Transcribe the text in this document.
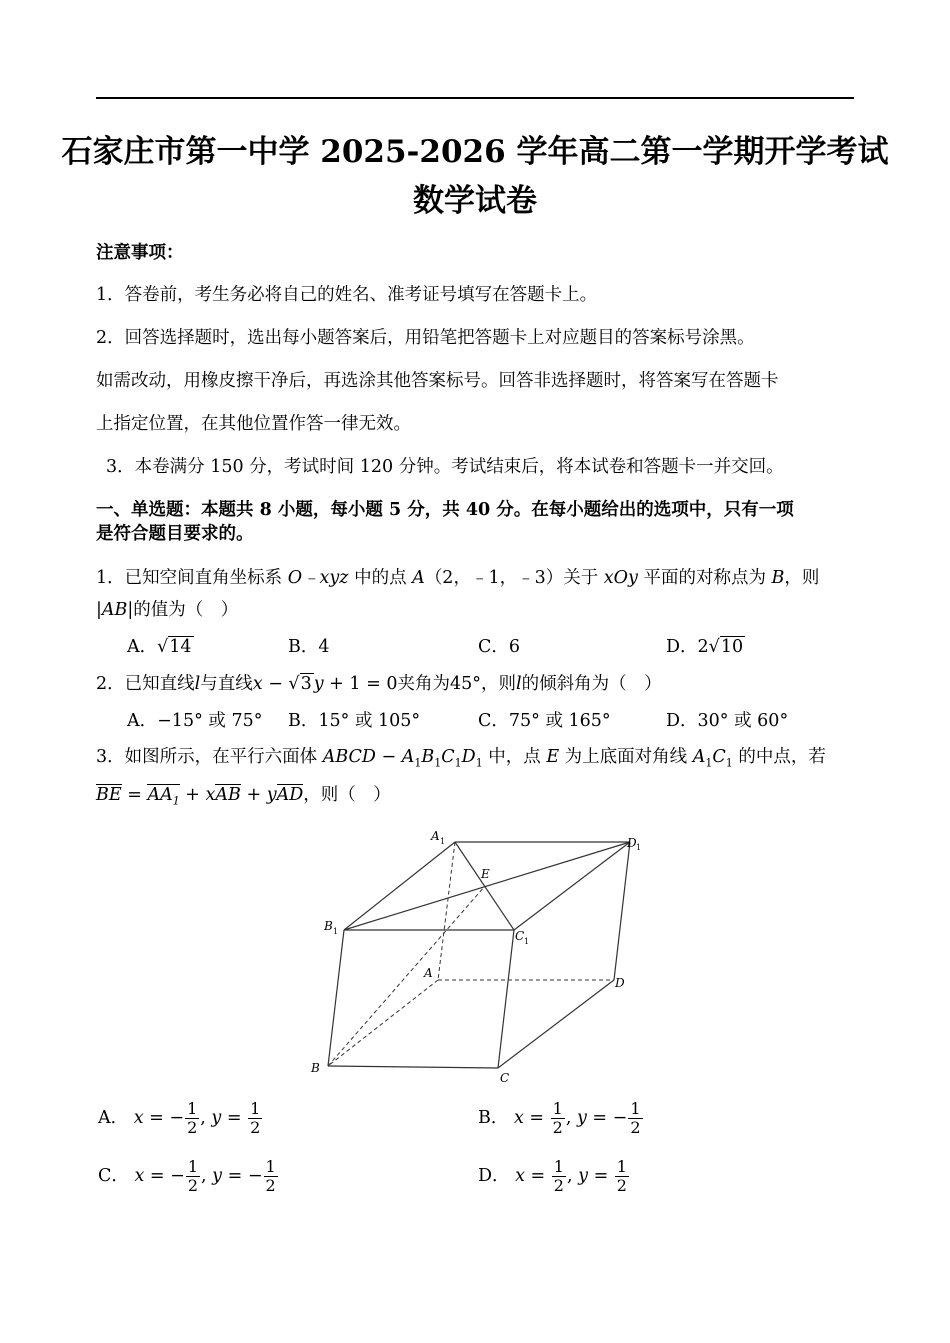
石家庄市第一中学 2025-2026 学年高二第一学期开学考试
数学试卷
注意事项：
1．答卷前，考生务必将自己的姓名、准考证号填写在答题卡上。
2．回答选择题时，选出每小题答案后，用铅笔把答题卡上对应题目的答案标号涂黑。
如需改动，用橡皮擦干净后，再选涂其他答案标号。回答非选择题时，将答案写在答题卡
上指定位置，在其他位置作答一律无效。
3．本卷满分 150 分，考试时间 120 分钟。考试结束后，将本试卷和答题卡一并交回。
一、单选题：本题共 8 小题，每小题 5 分，共 40 分。在每小题给出的选项中，只有一项
是符合题目要求的。
1．已知空间直角坐标系 O﹣xyz 中的点 A（2，﹣1，﹣3）关于 xOy 平面的对称点为 B，则
|AB|的值为（　）
A．√14	B．4	C．6	D．2√10
2．已知直线l与直线x − √3 y + 1 = 0夹角为45°，则l的倾斜角为（　）
A．−15° 或 75° B．15° 或 105°	C．75° 或 165°	D．30° 或 60°
3．如图所示，在平行六面体 ABCD − $A_1B_1C_1D_1$ 中，点 E 为上底面对角线 $A_1C_1$ 的中点，若
BE = $AA_1$ + xAB + yAD，则（　）
A 1	D 1
E
B 1	C 1
A
D
B
C
A． x = − $\frac{1}{2}$ , $y = \frac{1}{2}$	B． $x = \frac{1}{2}$ , y = − $\frac{1}{2}$
C． x = − $\frac{1}{2}$ , y = − $\frac{1}{2}$	D． $x = \frac{1}{2}$ , $y = \frac{1}{2}$
